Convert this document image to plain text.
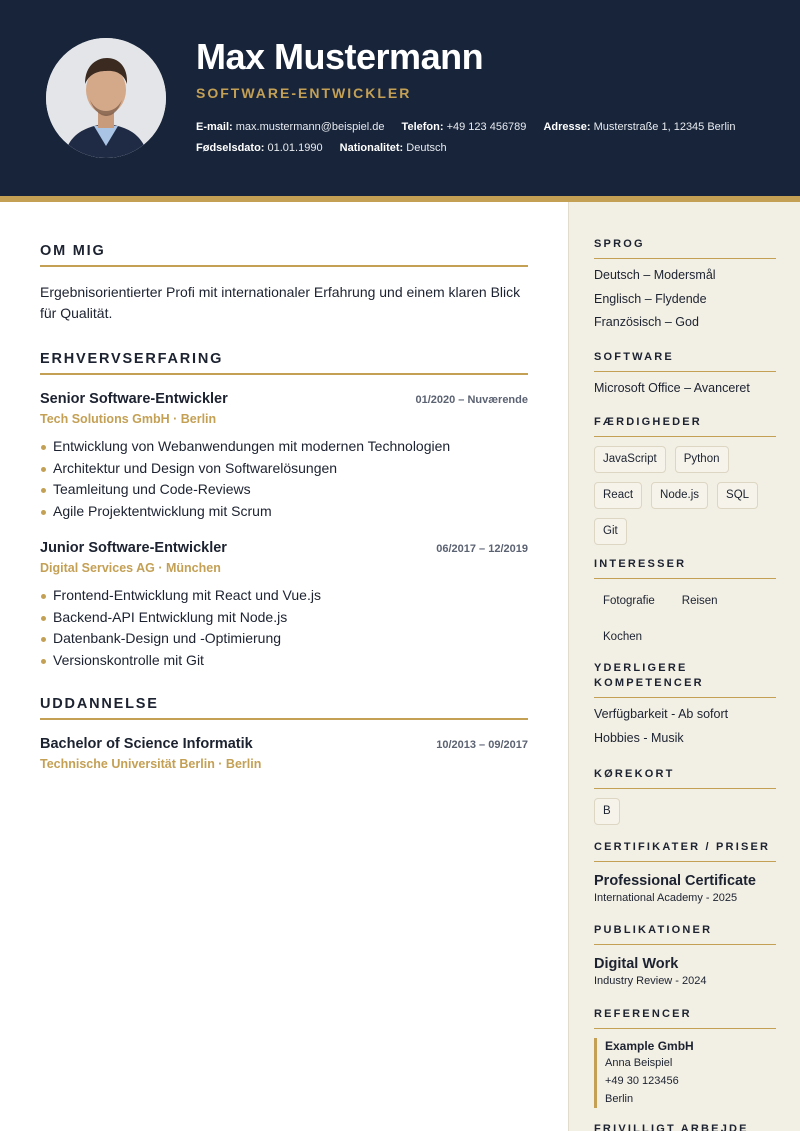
Max Mustermann
SOFTWARE-ENTWICKLER
E-mail: max.mustermann@beispiel.de Telefon: +49 123 456789 Adresse: Musterstraße 1, 12345 Berlin
Fødselsdato: 01.01.1990 Nationalitet: Deutsch
OM MIG
Ergebnisorientierter Profi mit internationaler Erfahrung und einem klaren Blick für Qualität.
ERHVERVSERFARING
Senior Software-Entwickler	01/2020 – Nuværende
Tech Solutions GmbH · Berlin
Entwicklung von Webanwendungen mit modernen Technologien
Architektur und Design von Softwarelösungen
Teamleitung und Code-Reviews
Agile Projektentwicklung mit Scrum
Junior Software-Entwickler	06/2017 – 12/2019
Digital Services AG · München
Frontend-Entwicklung mit React und Vue.js
Backend-API Entwicklung mit Node.js
Datenbank-Design und -Optimierung
Versionskontrolle mit Git
UDDANNELSE
Bachelor of Science Informatik	10/2013 – 09/2017
Technische Universität Berlin · Berlin
SPROG
Deutsch – Modersmål
Englisch – Flydende
Französisch – God
SOFTWARE
Microsoft Office – Avanceret
FÆRDIGHEDER
JavaScript	Python
React	Node.js	SQL
Git
INTERESSER
Fotografie	Reisen
Kochen
YDERLIGERE
KOMPETENCER
Verfügbarkeit - Ab sofort
Hobbies - Musik
KØREKORT
B
CERTIFIKATER / PRISER
Professional Certificate
International Academy - 2025
PUBLIKATIONER
Digital Work
Industry Review - 2024
REFERENCER
Example GmbH
Anna Beispiel
+49 30 123456
Berlin
FRIVILLIGT ARBEJDE
